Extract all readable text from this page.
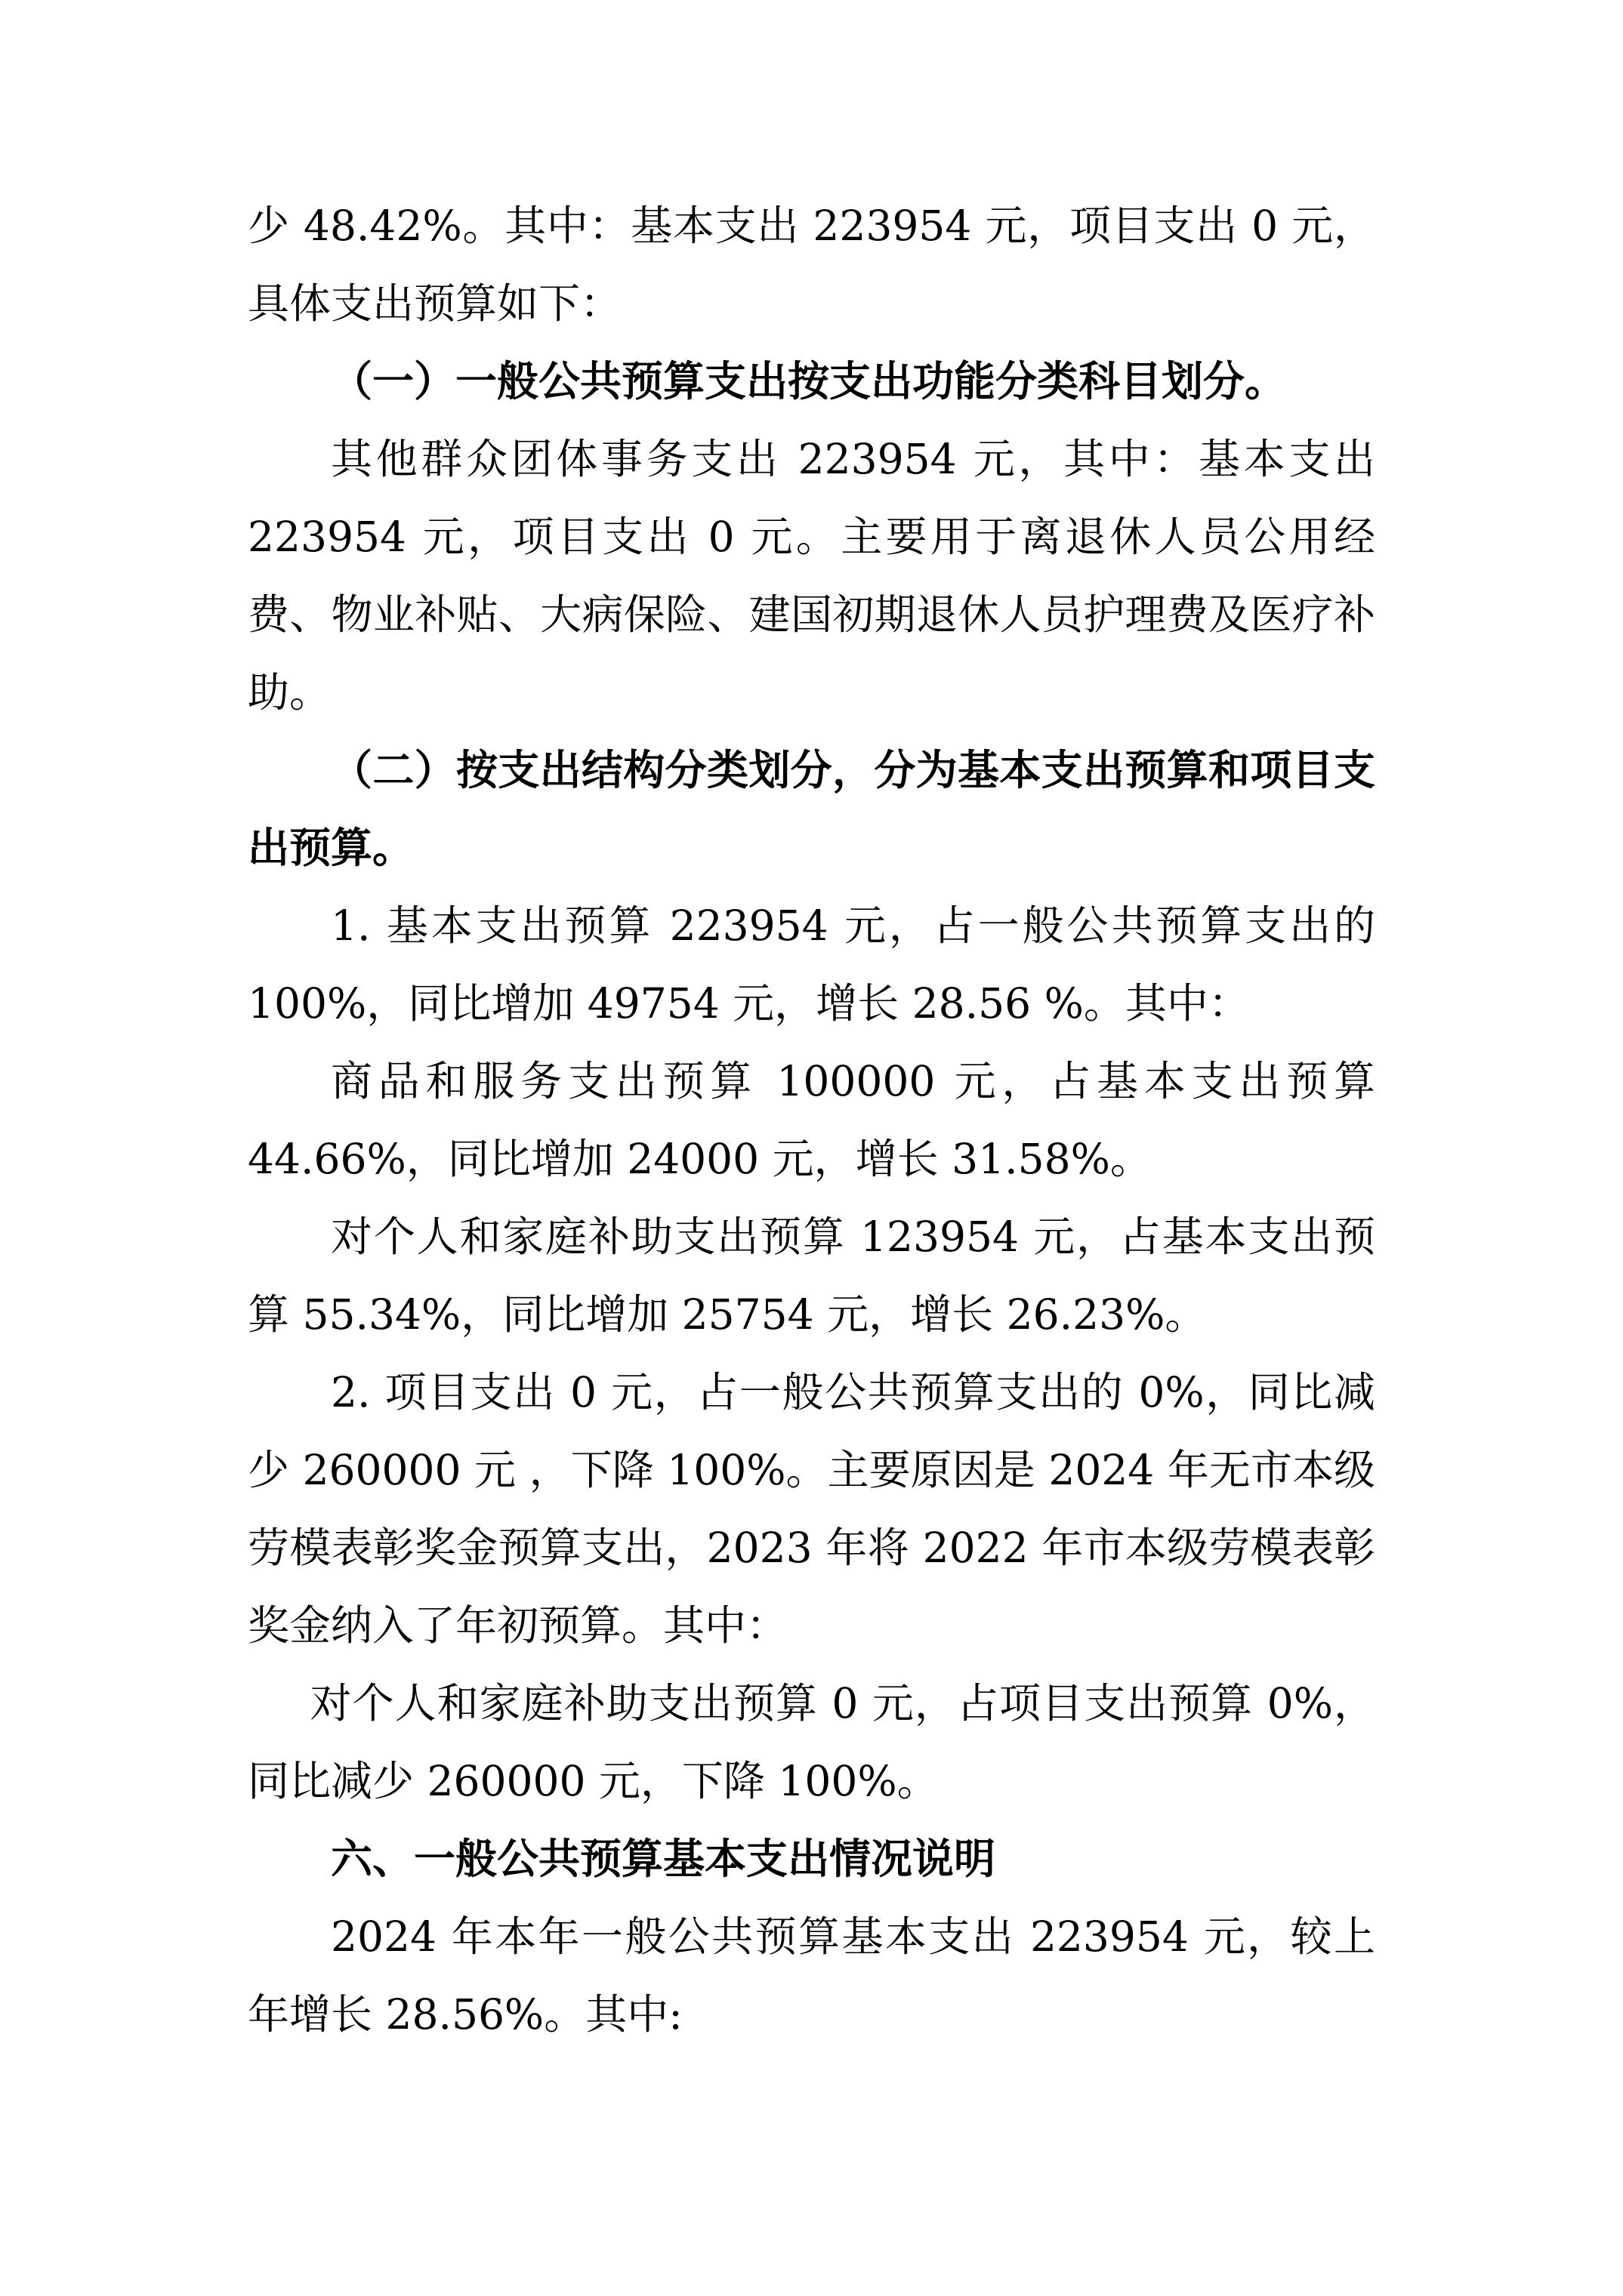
少 48.42%。其中：基本支出 223954 元，项目支出 0 元，具体支出预算如下：

（一）一般公共预算支出按支出功能分类科目划分。

其他群众团体事务支出 223954 元，其中：基本支出 223954 元，项目支出 0 元。主要用于离退休人员公用经费、物业补贴、大病保险、建国初期退休人员护理费及医疗补助。

（二）按支出结构分类划分，分为基本支出预算和项目支出预算。

1. 基本支出预算 223954 元，占一般公共预算支出的 100%，同比增加 49754 元，增长 28.56 %。其中：

商品和服务支出预算 100000 元，占基本支出预算 44.66%，同比增加 24000 元，增长 31.58%。

对个人和家庭补助支出预算 123954 元，占基本支出预算 55.34%，同比增加 25754 元，增长 26.23%。

2. 项目支出 0 元，占一般公共预算支出的 0%，同比减少 260000 元 ，下降 100%。主要原因是 2024 年无市本级劳模表彰奖金预算支出，2023 年将 2022 年市本级劳模表彰奖金纳入了年初预算。其中：

对个人和家庭补助支出预算 0 元，占项目支出预算 0%，同比减少 260000 元，下降 100%。

六、一般公共预算基本支出情况说明

2024 年本年一般公共预算基本支出 223954 元，较上年增长 28.56%。其中:
